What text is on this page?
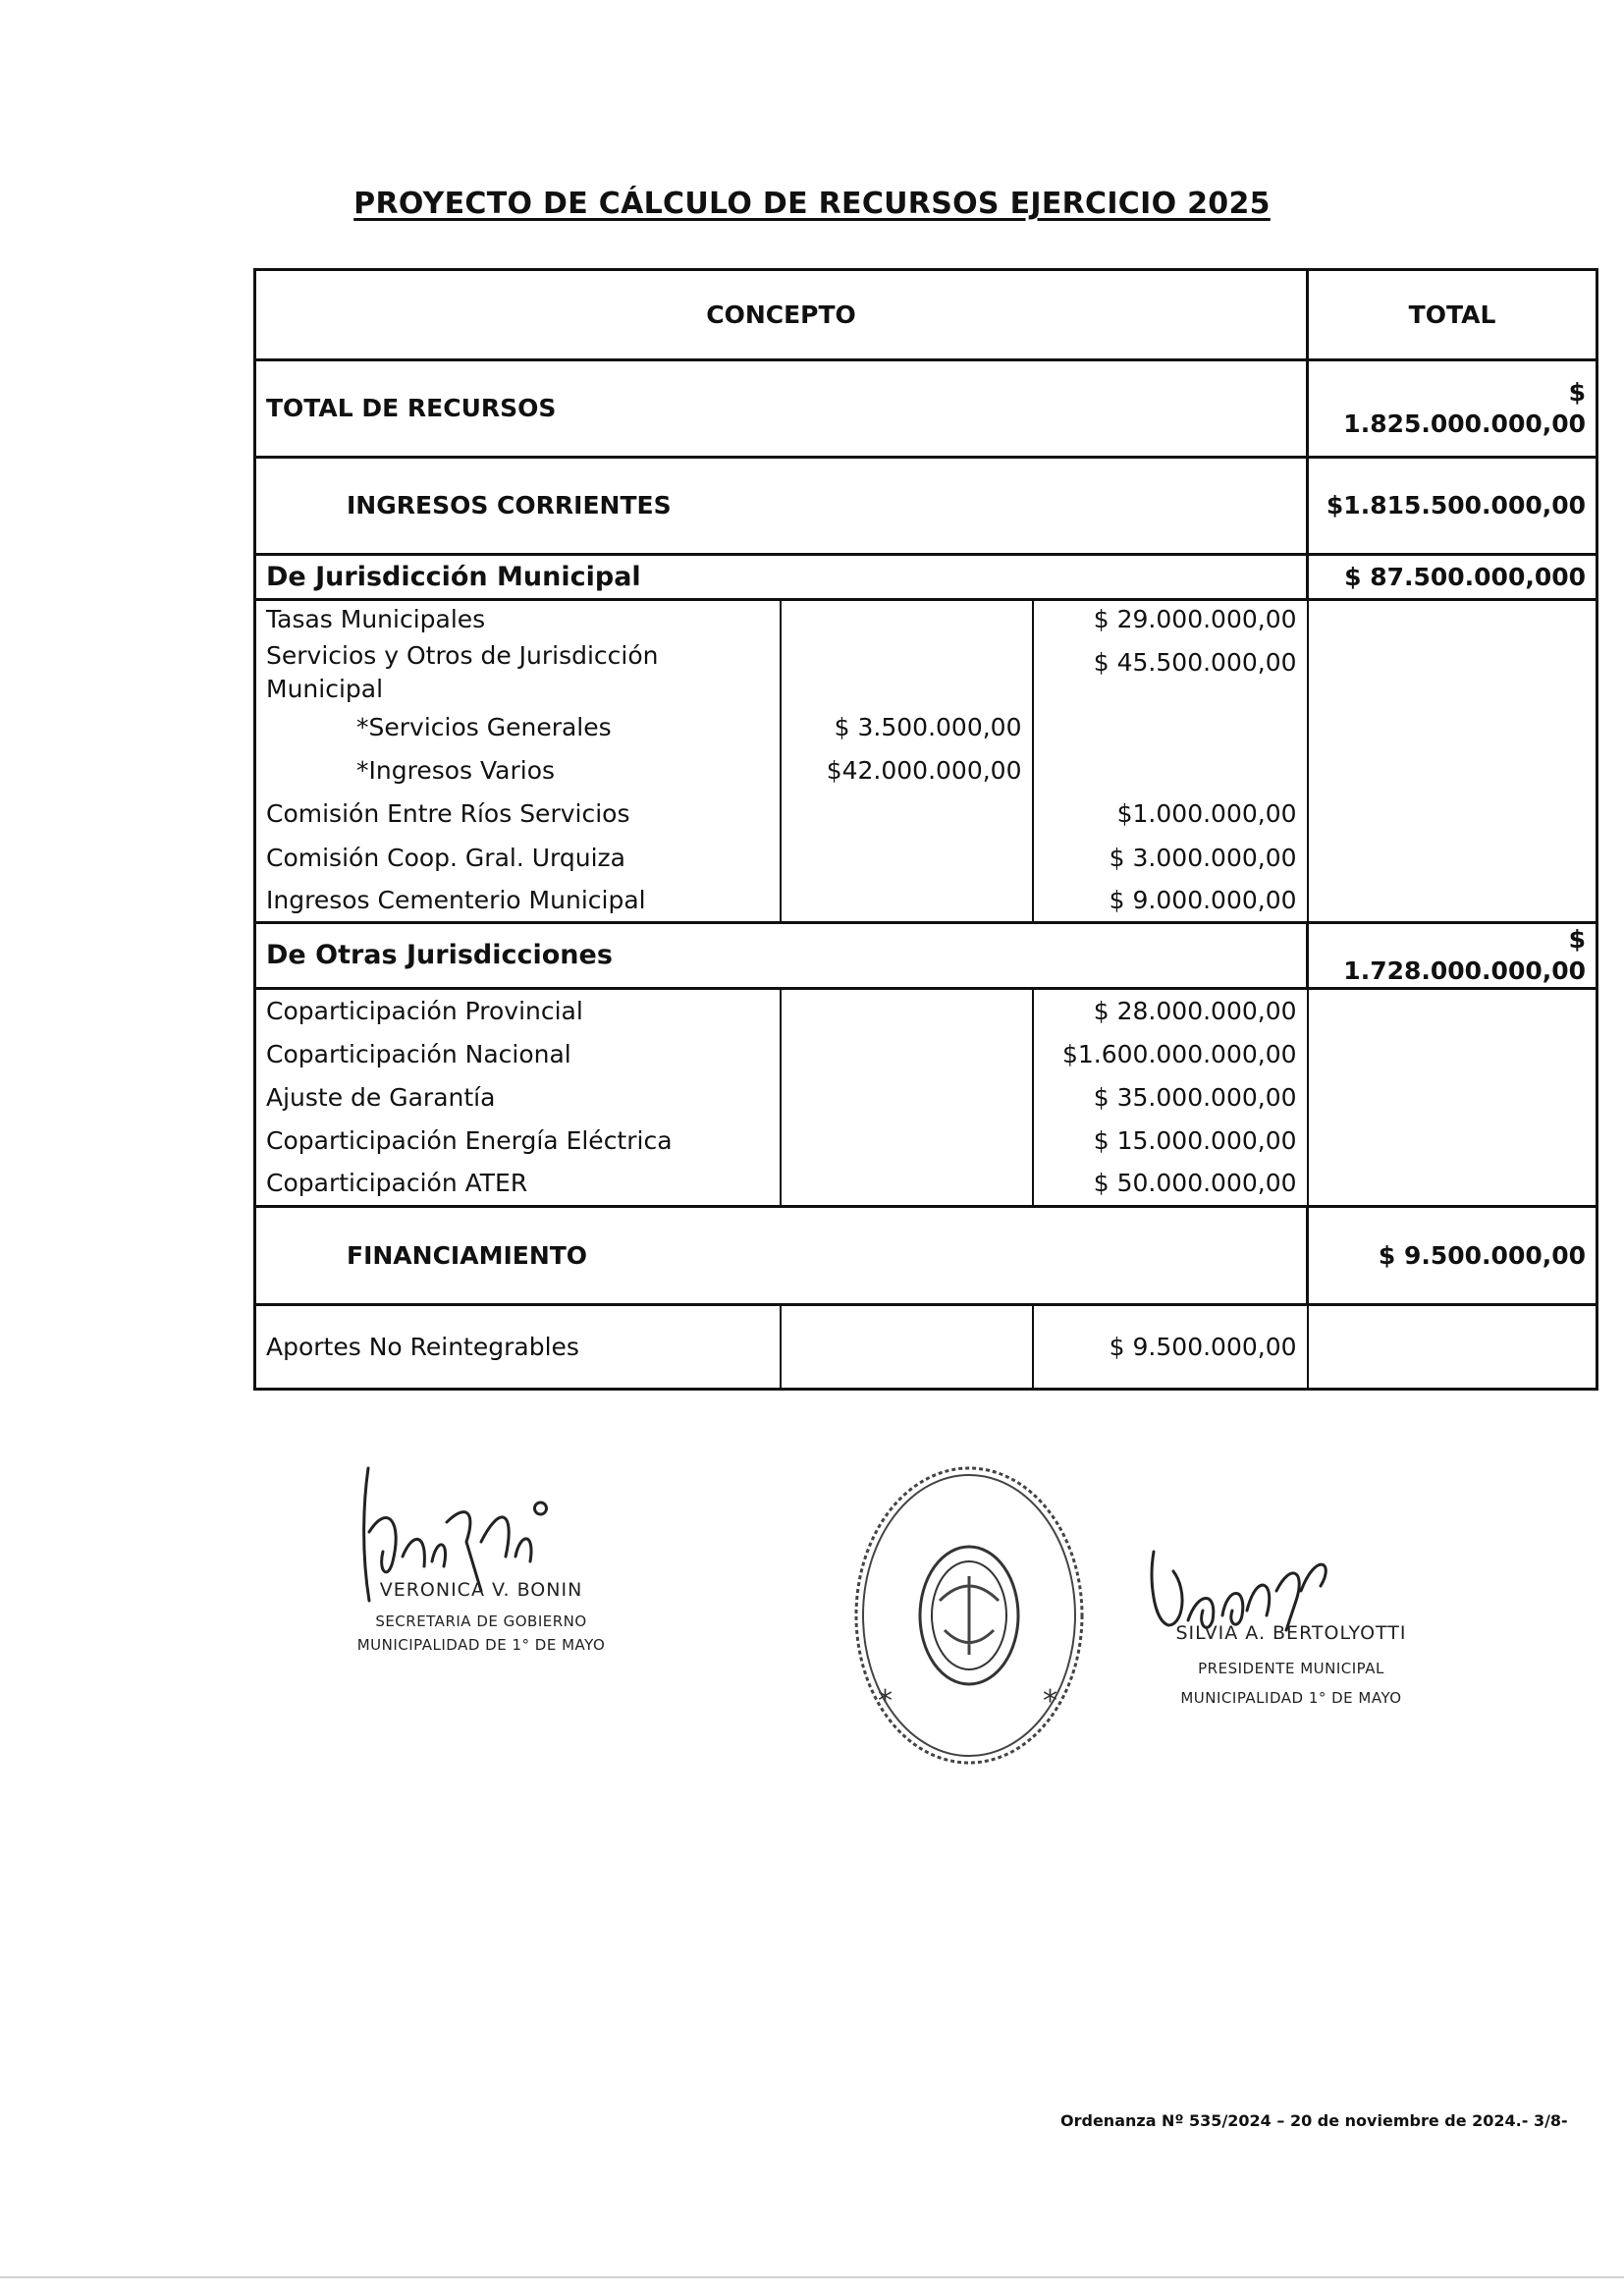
PROYECTO DE CÁLCULO DE RECURSOS EJERCICIO 2025
CONCEPTO			TOTAL
TOTAL DE RECURSOS			$ 1.825.000.000,00
INGRESOS CORRIENTES			$1.815.500.000,00
De Jurisdicción Municipal			$ 87.500.000,000
Tasas Municipales		$ 29.000.000,00	
Servicios y Otros de Jurisdicción Municipal		$ 45.500.000,00	
*Servicios Generales	$ 3.500.000,00		
*Ingresos Varios	$42.000.000,00		
Comisión Entre Ríos Servicios		$1.000.000,00	
Comisión Coop. Gral. Urquiza		$ 3.000.000,00	
Ingresos Cementerio Municipal		$ 9.000.000,00	
De Otras Jurisdicciones			$ 1.728.000.000,00
Coparticipación Provincial		$ 28.000.000,00	
Coparticipación Nacional		$1.600.000.000,00	
Ajuste de Garantía		$ 35.000.000,00	
Coparticipación Energía Eléctrica		$ 15.000.000,00	
Coparticipación ATER		$ 50.000.000,00	
FINANCIAMIENTO			$ 9.500.000,00
Aportes No Reintegrables		$ 9.500.000,00	
VERONICA V. BONIN
SECRETARIA DE GOBIERNO
MUNICIPALIDAD DE 1° DE MAYO
*	*
SILVIA A. BERTOLYOTTI
PRESIDENTE MUNICIPAL
MUNICIPALIDAD 1° DE MAYO
Ordenanza Nº 535/2024 – 20 de noviembre de 2024.- 3/8-
